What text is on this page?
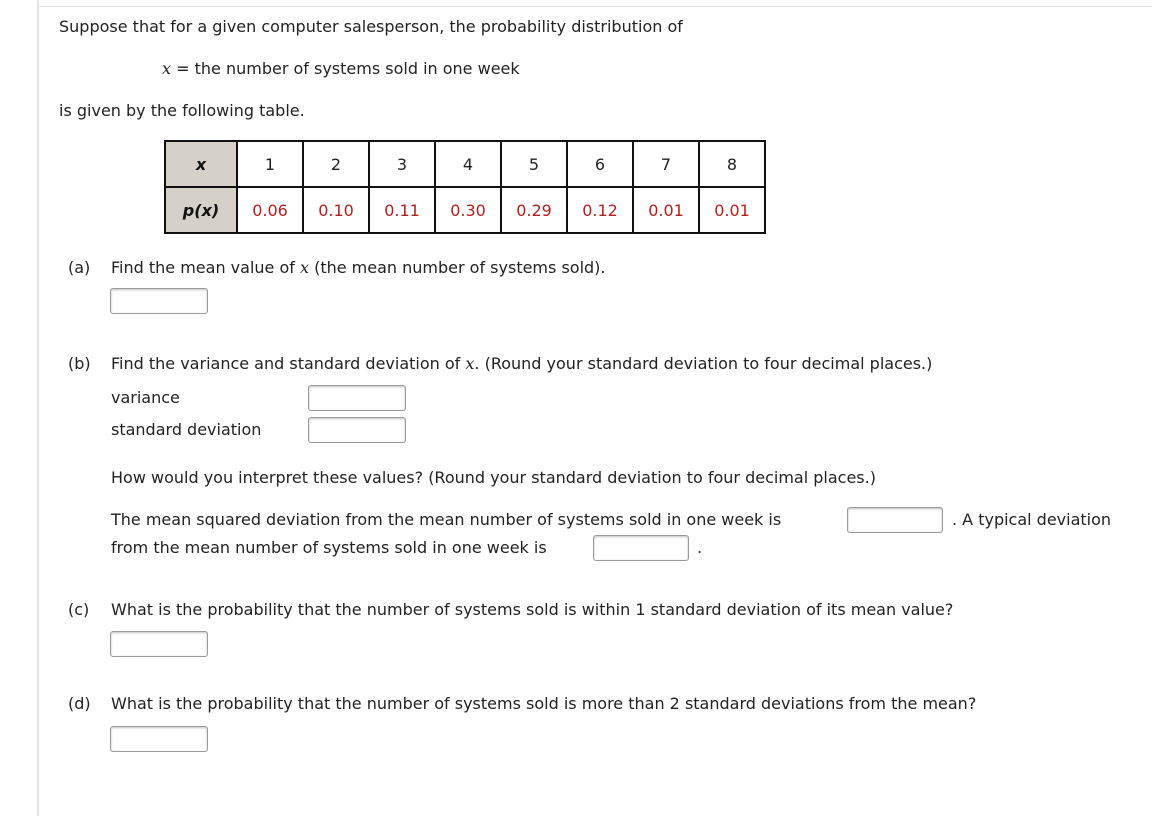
Suppose that for a given computer salesperson, the probability distribution of
x = the number of systems sold in one week
is given by the following table.
x	1	2	3	4	5	6	7	8
p(x)	0.06	0.10	0.11	0.30	0.29	0.12	0.01	0.01
(a) Find the mean value of x (the mean number of systems sold).
(b) Find the variance and standard deviation of x. (Round your standard deviation to four decimal places.)
variance
standard deviation
How would you interpret these values? (Round your standard deviation to four decimal places.)
The mean squared deviation from the mean number of systems sold in one week is	. A typical deviation
from the mean number of systems sold in one week is	.
(c) What is the probability that the number of systems sold is within 1 standard deviation of its mean value?
(d) What is the probability that the number of systems sold is more than 2 standard deviations from the mean?
